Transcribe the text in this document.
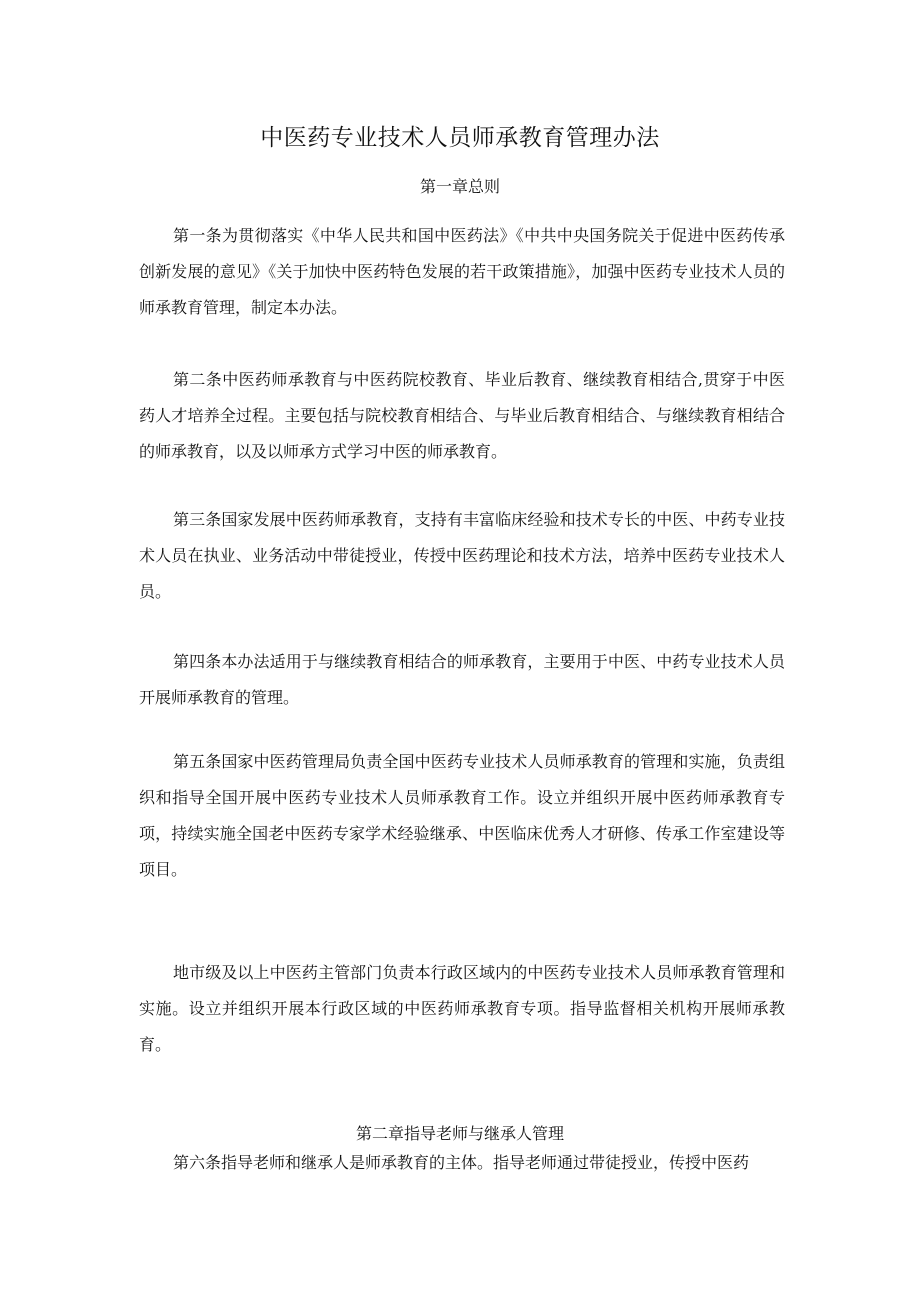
中医药专业技术人员师承教育管理办法
第一章总则

第一条为贯彻落实《中华人民共和国中医药法》《中共中央国务院关于促进中医药传承创新发展的意见》《关于加快中医药特色发展的若干政策措施》，加强中医药专业技术人员的师承教育管理，制定本办法。

第二条中医药师承教育与中医药院校教育、毕业后教育、继续教育相结合,贯穿于中医药人才培养全过程。主要包括与院校教育相结合、与毕业后教育相结合、与继续教育相结合的师承教育，以及以师承方式学习中医的师承教育。

第三条国家发展中医药师承教育，支持有丰富临床经验和技术专长的中医、中药专业技术人员在执业、业务活动中带徒授业，传授中医药理论和技术方法，培养中医药专业技术人员。

第四条本办法适用于与继续教育相结合的师承教育，主要用于中医、中药专业技术人员开展师承教育的管理。

第五条国家中医药管理局负责全国中医药专业技术人员师承教育的管理和实施，负责组织和指导全国开展中医药专业技术人员师承教育工作。设立并组织开展中医药师承教育专项，持续实施全国老中医药专家学术经验继承、中医临床优秀人才研修、传承工作室建设等项目。

地市级及以上中医药主管部门负责本行政区域内的中医药专业技术人员师承教育管理和实施。设立并组织开展本行政区域的中医药师承教育专项。指导监督相关机构开展师承教育。

第二章指导老师与继承人管理

第六条指导老师和继承人是师承教育的主体。指导老师通过带徒授业，传授中医药
